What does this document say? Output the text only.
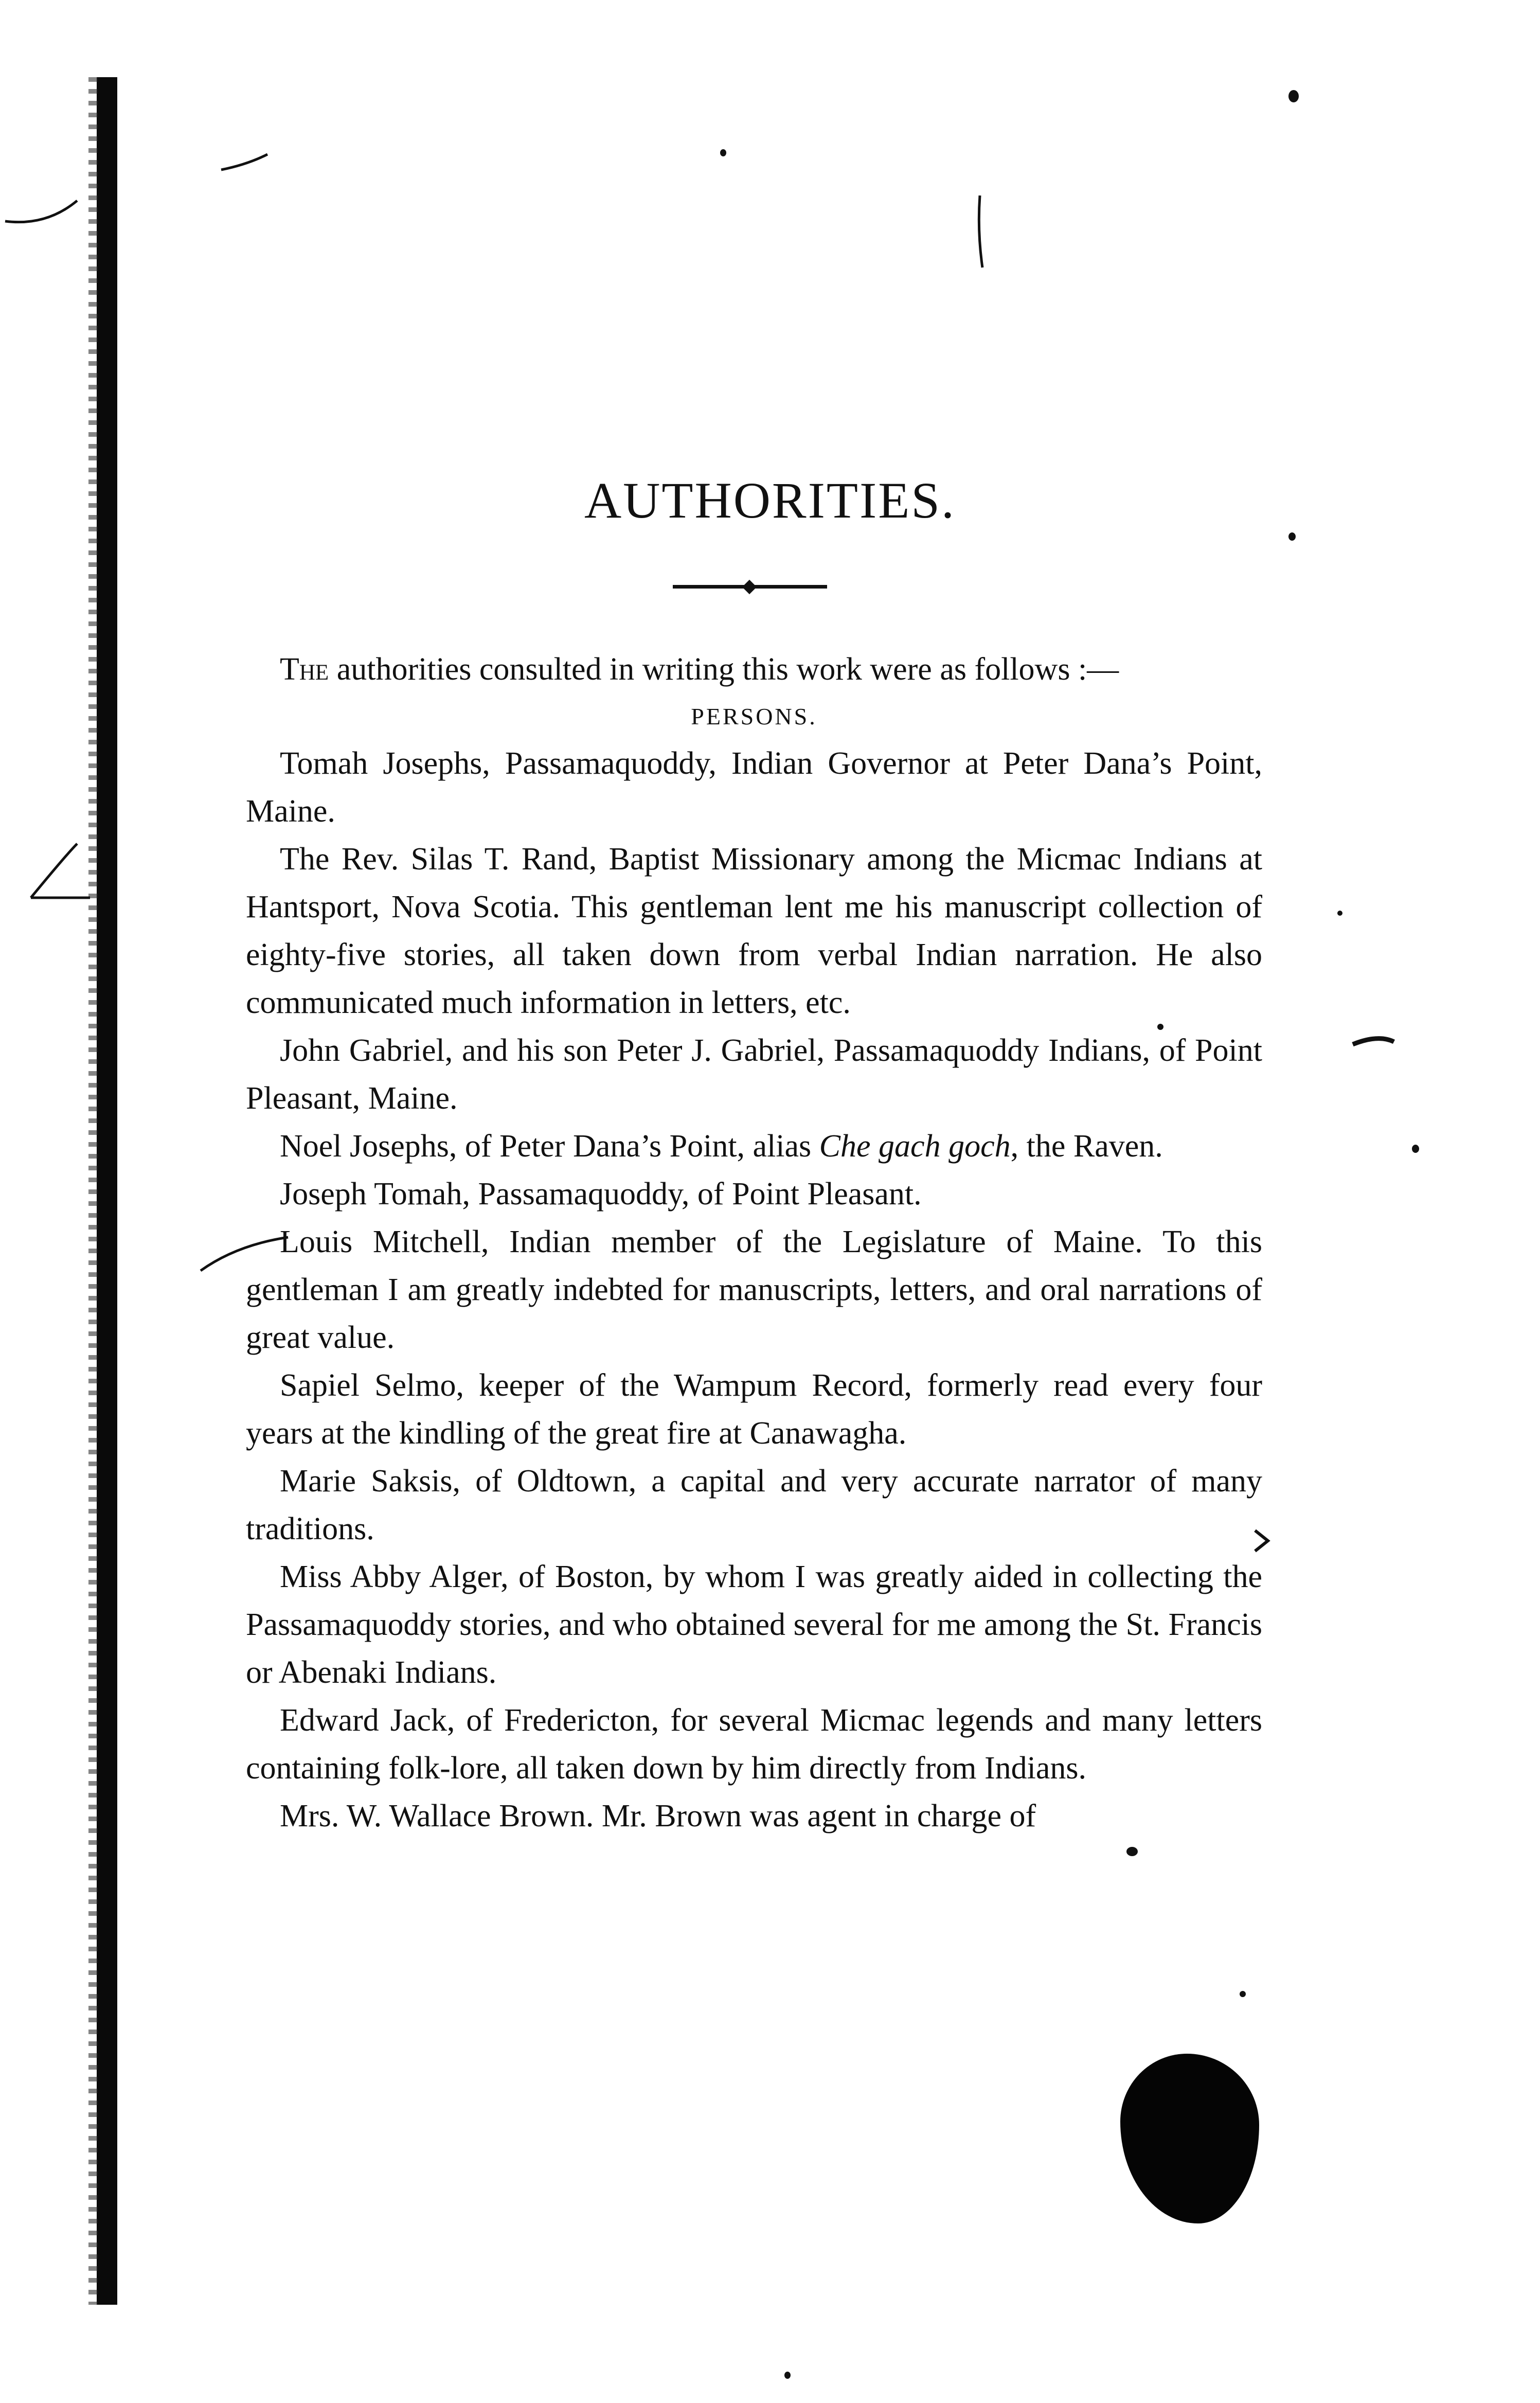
AUTHORITIES.

The authorities consulted in writing this work were as follows :—

PERSONS.

Tomah Josephs, Passamaquoddy, Indian Governor at Peter Dana’s Point, Maine.

The Rev. Silas T. Rand, Baptist Missionary among the Micmac Indians at Hantsport, Nova Scotia. This gentleman lent me his manuscript collection of eighty-five stories, all taken down from verbal Indian narration. He also communicated much information in letters, etc.

John Gabriel, and his son Peter J. Gabriel, Passamaquoddy Indians, of Point Pleasant, Maine.

Noel Josephs, of Peter Dana’s Point, alias Che gach goch, the Raven.

Joseph Tomah, Passamaquoddy, of Point Pleasant.

Louis Mitchell, Indian member of the Legislature of Maine. To this gentleman I am greatly indebted for manuscripts, letters, and oral narrations of great value.

Sapiel Selmo, keeper of the Wampum Record, formerly read every four years at the kindling of the great fire at Canawagha.

Marie Saksis, of Oldtown, a capital and very accurate narrator of many traditions.

Miss Abby Alger, of Boston, by whom I was greatly aided in collecting the Passamaquoddy stories, and who obtained several for me among the St. Francis or Abenaki Indians.

Edward Jack, of Fredericton, for several Micmac legends and many letters containing folk-lore, all taken down by him directly from Indians.

Mrs. W. Wallace Brown. Mr. Brown was agent in charge of
